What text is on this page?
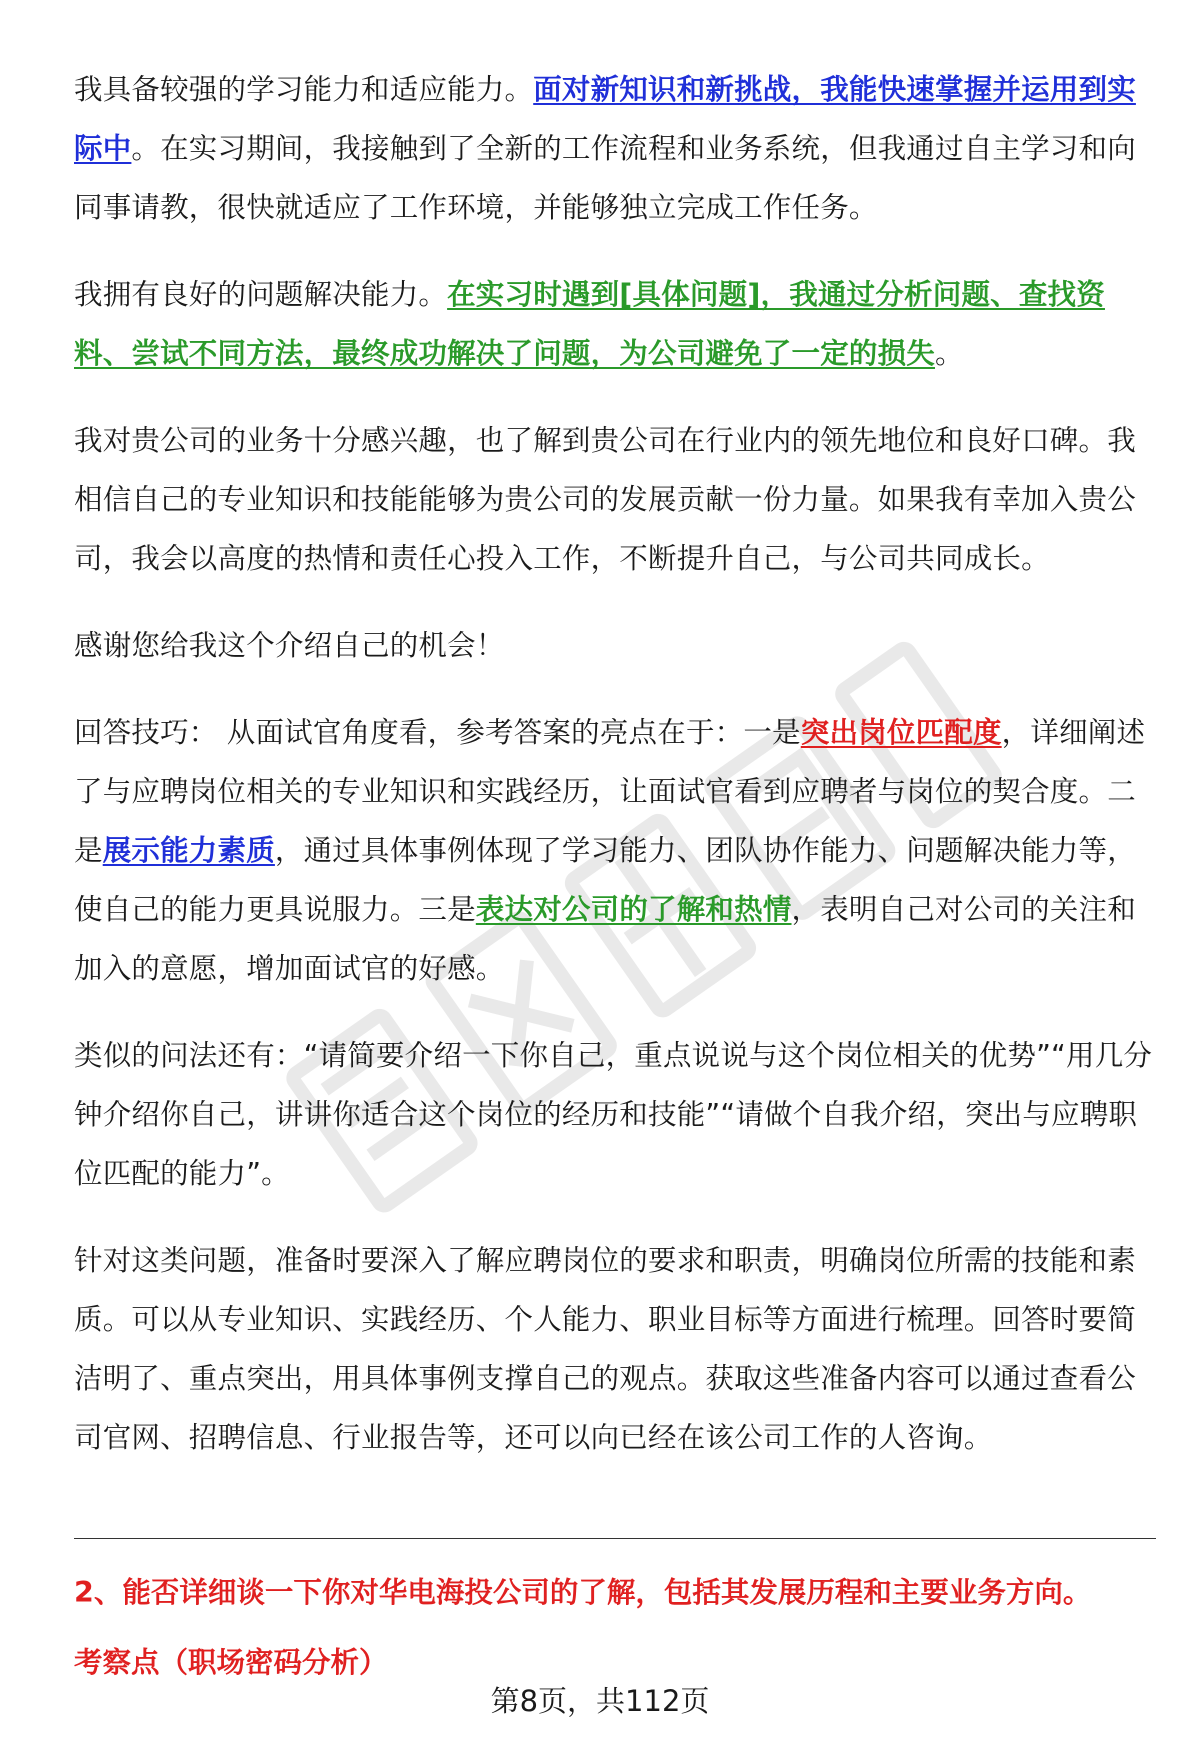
我具备较强的学习能力和适应能力。面对新知识和新挑战，我能快速掌握并运用到实际中。在实习期间，我接触到了全新的工作流程和业务系统，但我通过自主学习和向同事请教，很快就适应了工作环境，并能够独立完成工作任务。

我拥有良好的问题解决能力。在实习时遇到[具体问题]，我通过分析问题、查找资料、尝试不同方法，最终成功解决了问题，为公司避免了一定的损失。

我对贵公司的业务十分感兴趣，也了解到贵公司在行业内的领先地位和良好口碑。我相信自己的专业知识和技能能够为贵公司的发展贡献一份力量。如果我有幸加入贵公司，我会以高度的热情和责任心投入工作，不断提升自己，与公司共同成长。

感谢您给我这个介绍自己的机会！

回答技巧： 从面试官角度看，参考答案的亮点在于：一是突出岗位匹配度，详细阐述了与应聘岗位相关的专业知识和实践经历，让面试官看到应聘者与岗位的契合度。二是展示能力素质，通过具体事例体现了学习能力、团队协作能力、问题解决能力等，使自己的能力更具说服力。三是表达对公司的了解和热情，表明自己对公司的关注和加入的意愿，增加面试官的好感。

类似的问法还有：“请简要介绍一下你自己，重点说说与这个岗位相关的优势”“用几分钟介绍你自己，讲讲你适合这个岗位的经历和技能”“请做个自我介绍，突出与应聘职位匹配的能力”。

针对这类问题，准备时要深入了解应聘岗位的要求和职责，明确岗位所需的技能和素质。可以从专业知识、实践经历、个人能力、职业目标等方面进行梳理。回答时要简洁明了、重点突出，用具体事例支撑自己的观点。获取这些准备内容可以通过查看公司官网、招聘信息、行业报告等，还可以向已经在该公司工作的人咨询。

2、能否详细谈一下你对华电海投公司的了解，包括其发展历程和主要业务方向。
考察点（职场密码分析）
第8页，共112页
